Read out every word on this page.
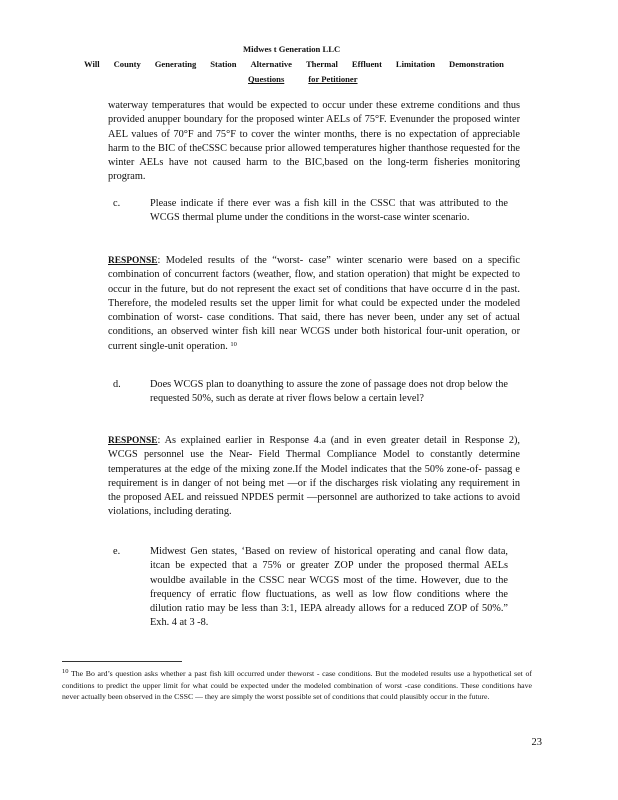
Midwes t Generation LLC
Will County Generating Station Alternative Thermal Effluent Limitation Demonstration
Questions	for Petitioner

waterway temperatures that would be expected to occur under these extreme conditions and thus provided anupper boundary for the proposed winter AELs of 75°F. Evenunder the proposed winter AEL values of 70°F and 75°F to cover the winter months, there is no expectation of appreciable harm to the BIC of theCSSC because prior allowed temperatures higher thanthose requested for the winter AELs have not caused harm to the BIC,based on the long-term fisheries monitoring program.

c.	Please indicate if there ever was a fish kill in the CSSC that was attributed to the WCGS thermal plume under the conditions in the worst-case winter scenario.

RESPONSE: Modeled results of the “worst- case” winter scenario were based on a specific combination of concurrent factors (weather, flow, and station operation) that might be expected to occur in the future, but do not represent the exact set of conditions that have occurre d in the past. Therefore, the modeled results set the upper limit for what could be expected under the modeled combination of worst- case conditions. That said, there has never been, under any set of actual conditions, an observed winter fish kill near WCGS under both historical four-unit operation, or current single-unit operation. $^{10}$

d.	Does WCGS plan to doanything to assure the zone of passage does not drop below the requested 50%, such as derate at river flows below a certain level?

RESPONSE: As explained earlier in Response 4.a (and in even greater detail in Response 2), WCGS personnel use the Near- Field Thermal Compliance Model to constantly determine temperatures at the edge of the mixing zone.If the Model indicates that the 50% zone-of- passag e requirement is in danger of not being met —or if the discharges risk violating any requirement in the proposed AEL and reissued NPDES permit —personnel are authorized to take actions to avoid violations, including derating.

e.	Midwest Gen states, ‘Based on review of historical operating and canal flow data, itcan be expected that a 75% or greater ZOP under the proposed thermal AELs wouldbe available in the CSSC near WCGS most of the time. However, due to the frequency of erratic flow fluctuations, as well as low flow conditions where the dilution ratio may be less than 3:1, IEPA already allows for a reduced ZOP of 50%.” Exh. 4 at 3 -8.

$^{10}$ The Bo ard’s question asks whether a past fish kill occurred under theworst - case conditions. But the modeled results use a hypothetical set of conditions to predict the upper limit for what could be expected under the modeled combination of worst -case conditions. These conditions have never actually been observed in the CSSC — they are simply the worst possible set of conditions that could plausibly occur in the future.

23
